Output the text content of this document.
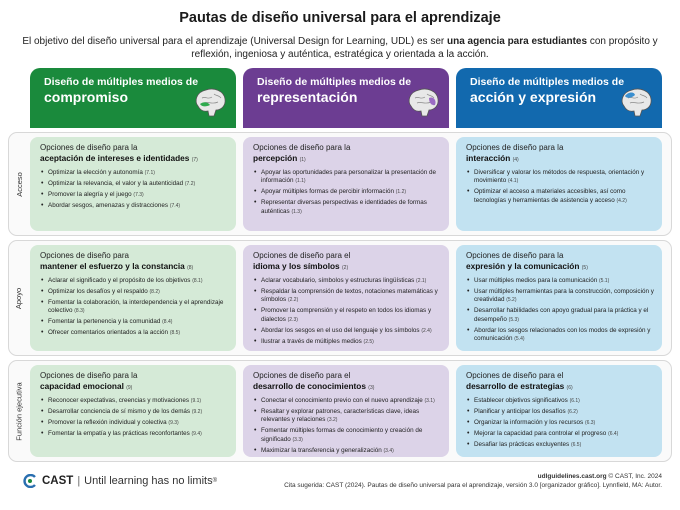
Pautas de diseño universal para el aprendizaje
El objetivo del diseño universal para el aprendizaje (Universal Design for Learning, UDL) es ser una agencia para estudiantes con propósito y reflexión, ingeniosa y auténtica, estratégica y orientada a la acción.
Diseño de múltiples medios de
compromiso
Diseño de múltiples medios de
representación
Diseño de múltiples medios de
acción y expresión
Acceso
Apoyo
Función ejecutiva
Opciones de diseño para la
aceptación de intereses e identidades (7)
• Optimizar la elección y autonomía (7.1)
• Optimizar la relevancia, el valor y la autenticidad (7.2)
• Promover la alegría y el juego (7.3)
• Abordar sesgos, amenazas y distracciones (7.4)
Opciones de diseño para la
percepción (1)
• Apoyar las oportunidades para personalizar la presentación de información (1.1)
• Apoyar múltiples formas de percibir información (1.2)
• Representar diversas perspectivas e identidades de formas auténticas (1.3)
Opciones de diseño para la
interacción (4)
• Diversificar y valorar los métodos de respuesta, orientación y movimiento (4.1)
• Optimizar el acceso a materiales accesibles, así como tecnologías y herramientas de asistencia y acceso (4.2)
Opciones de diseño para
mantener el esfuerzo y la constancia (8)
• Aclarar el significado y el propósito de los objetivos (8.1)
• Optimizar los desafíos y el respaldo (8.2)
• Fomentar la colaboración, la interdependencia y el aprendizaje colectivo (8.3)
• Fomentar la pertenencia y la comunidad (8.4)
• Ofrecer comentarios orientados a la acción (8.5)
Opciones de diseño para el
idioma y los símbolos (2)
• Aclarar vocabulario, símbolos y estructuras lingüísticas (2.1)
• Respaldar la comprensión de textos, notaciones matemáticas y símbolos (2.2)
• Promover la comprensión y el respeto en todos los idiomas y dialectos (2.3)
• Abordar los sesgos en el uso del lenguaje y los símbolos (2.4)
• Ilustrar a través de múltiples medios (2.5)
Opciones de diseño para la
expresión y la comunicación (5)
• Usar múltiples medios para la comunicación (5.1)
• Usar múltiples herramientas para la construcción, composición y creatividad (5.2)
• Desarrollar habilidades con apoyo gradual para la práctica y el desempeño (5.3)
• Abordar los sesgos relacionados con los modos de expresión y comunicación (5.4)
Opciones de diseño para la
capacidad emocional (9)
• Reconocer expectativas, creencias y motivaciones (9.1)
• Desarrollar conciencia de sí mismo y de los demás (9.2)
• Promover la reflexión individual y colectiva (9.3)
• Fomentar la empatía y las prácticas reconfortantes (9.4)
Opciones de diseño para el
desarrollo de conocimientos (3)
• Conectar el conocimiento previo con el nuevo aprendizaje (3.1)
• Resaltar y explorar patrones, características clave, ideas relevantes y relaciones (3.2)
• Fomentar múltiples formas de conocimiento y creación de significado (3.3)
• Maximizar la transferencia y generalización (3.4)
Opciones de diseño para el
desarrollo de estrategias (6)
• Establecer objetivos significativos (6.1)
• Planificar y anticipar los desafíos (6.2)
• Organizar la información y los recursos (6.3)
• Mejorar la capacidad para controlar el progreso (6.4)
• Desafiar las prácticas excluyentes (6.5)
CAST | Until learning has no limits ®
udlguidelines.cast.org © CAST, Inc. 2024
Cita sugerida: CAST (2024). Pautas de diseño universal para el aprendizaje, versión 3.0 [organizador gráfico]. Lynnfield, MA: Autor.
